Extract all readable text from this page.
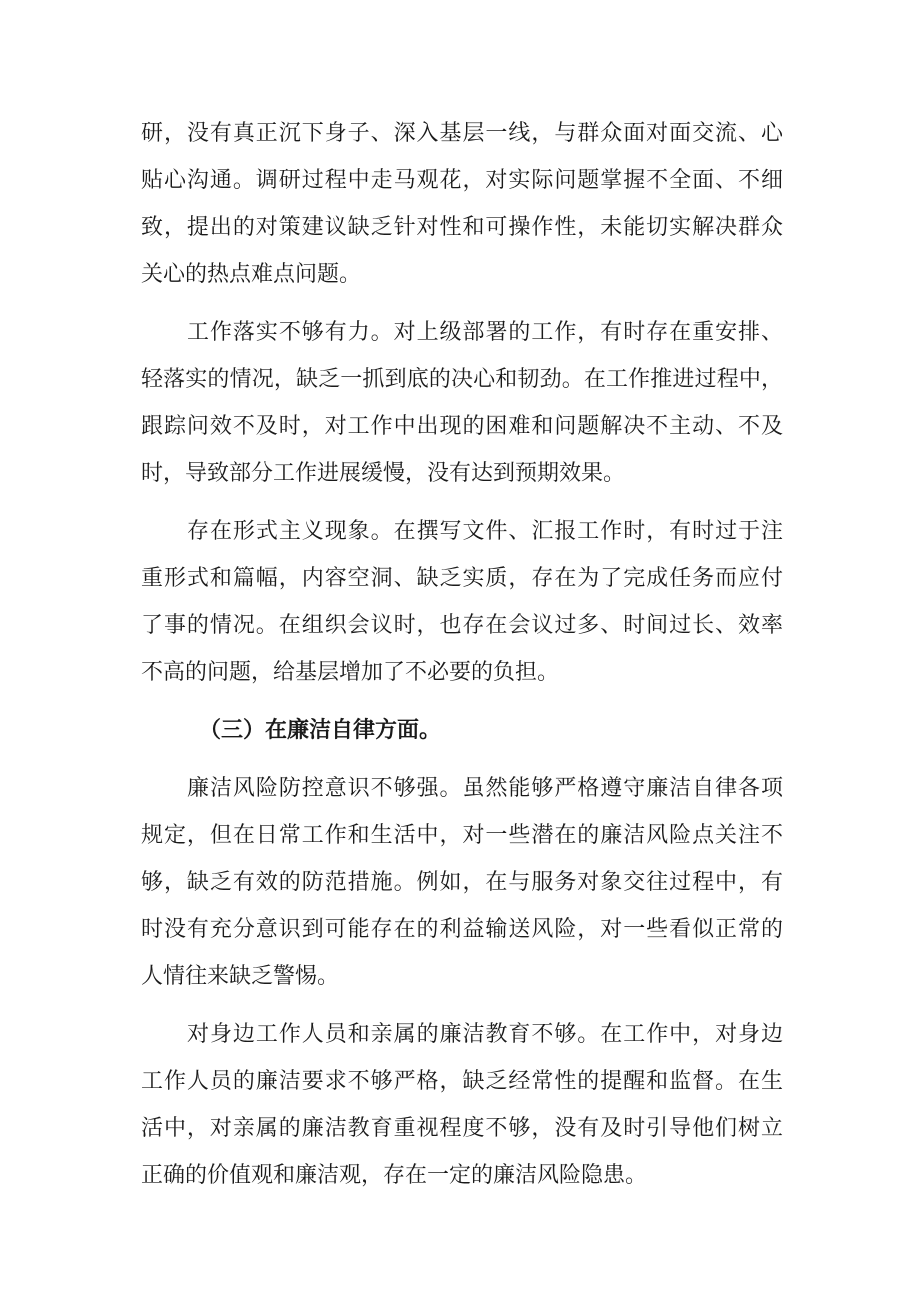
研，没有真正沉下身子、深入基层一线，与群众面对面交流、心
贴心沟通。调研过程中走马观花，对实际问题掌握不全面、不细
致，提出的对策建议缺乏针对性和可操作性，未能切实解决群众
关心的热点难点问题。
工作落实不够有力。对上级部署的工作，有时存在重安排、
轻落实的情况，缺乏一抓到底的决心和韧劲。在工作推进过程中，
跟踪问效不及时，对工作中出现的困难和问题解决不主动、不及
时，导致部分工作进展缓慢，没有达到预期效果。
存在形式主义现象。在撰写文件、汇报工作时，有时过于注
重形式和篇幅，内容空洞、缺乏实质，存在为了完成任务而应付
了事的情况。在组织会议时，也存在会议过多、时间过长、效率
不高的问题，给基层增加了不必要的负担。
（三）在廉洁自律方面。
廉洁风险防控意识不够强。虽然能够严格遵守廉洁自律各项
规定，但在日常工作和生活中，对一些潜在的廉洁风险点关注不
够，缺乏有效的防范措施。例如，在与服务对象交往过程中，有
时没有充分意识到可能存在的利益输送风险，对一些看似正常的
人情往来缺乏警惕。
对身边工作人员和亲属的廉洁教育不够。在工作中，对身边
工作人员的廉洁要求不够严格，缺乏经常性的提醒和监督。在生
活中，对亲属的廉洁教育重视程度不够，没有及时引导他们树立
正确的价值观和廉洁观，存在一定的廉洁风险隐患。
